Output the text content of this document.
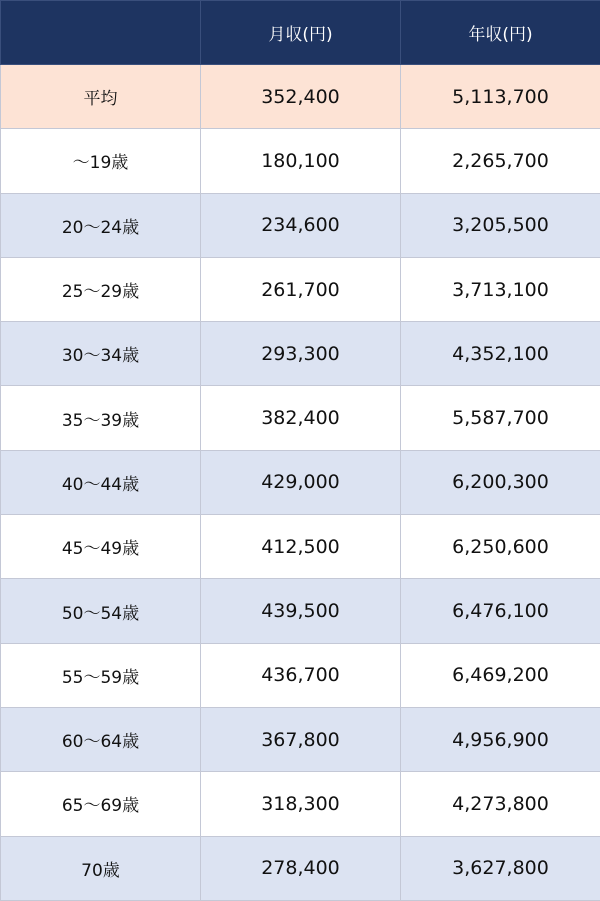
	月収(円)	年収(円)
平均	352,400	5,113,700
～19歳	180,100	2,265,700
20～24歳	234,600	3,205,500
25～29歳	261,700	3,713,100
30～34歳	293,300	4,352,100
35～39歳	382,400	5,587,700
40～44歳	429,000	6,200,300
45～49歳	412,500	6,250,600
50～54歳	439,500	6,476,100
55～59歳	436,700	6,469,200
60～64歳	367,800	4,956,900
65～69歳	318,300	4,273,800
70歳	278,400	3,627,800
